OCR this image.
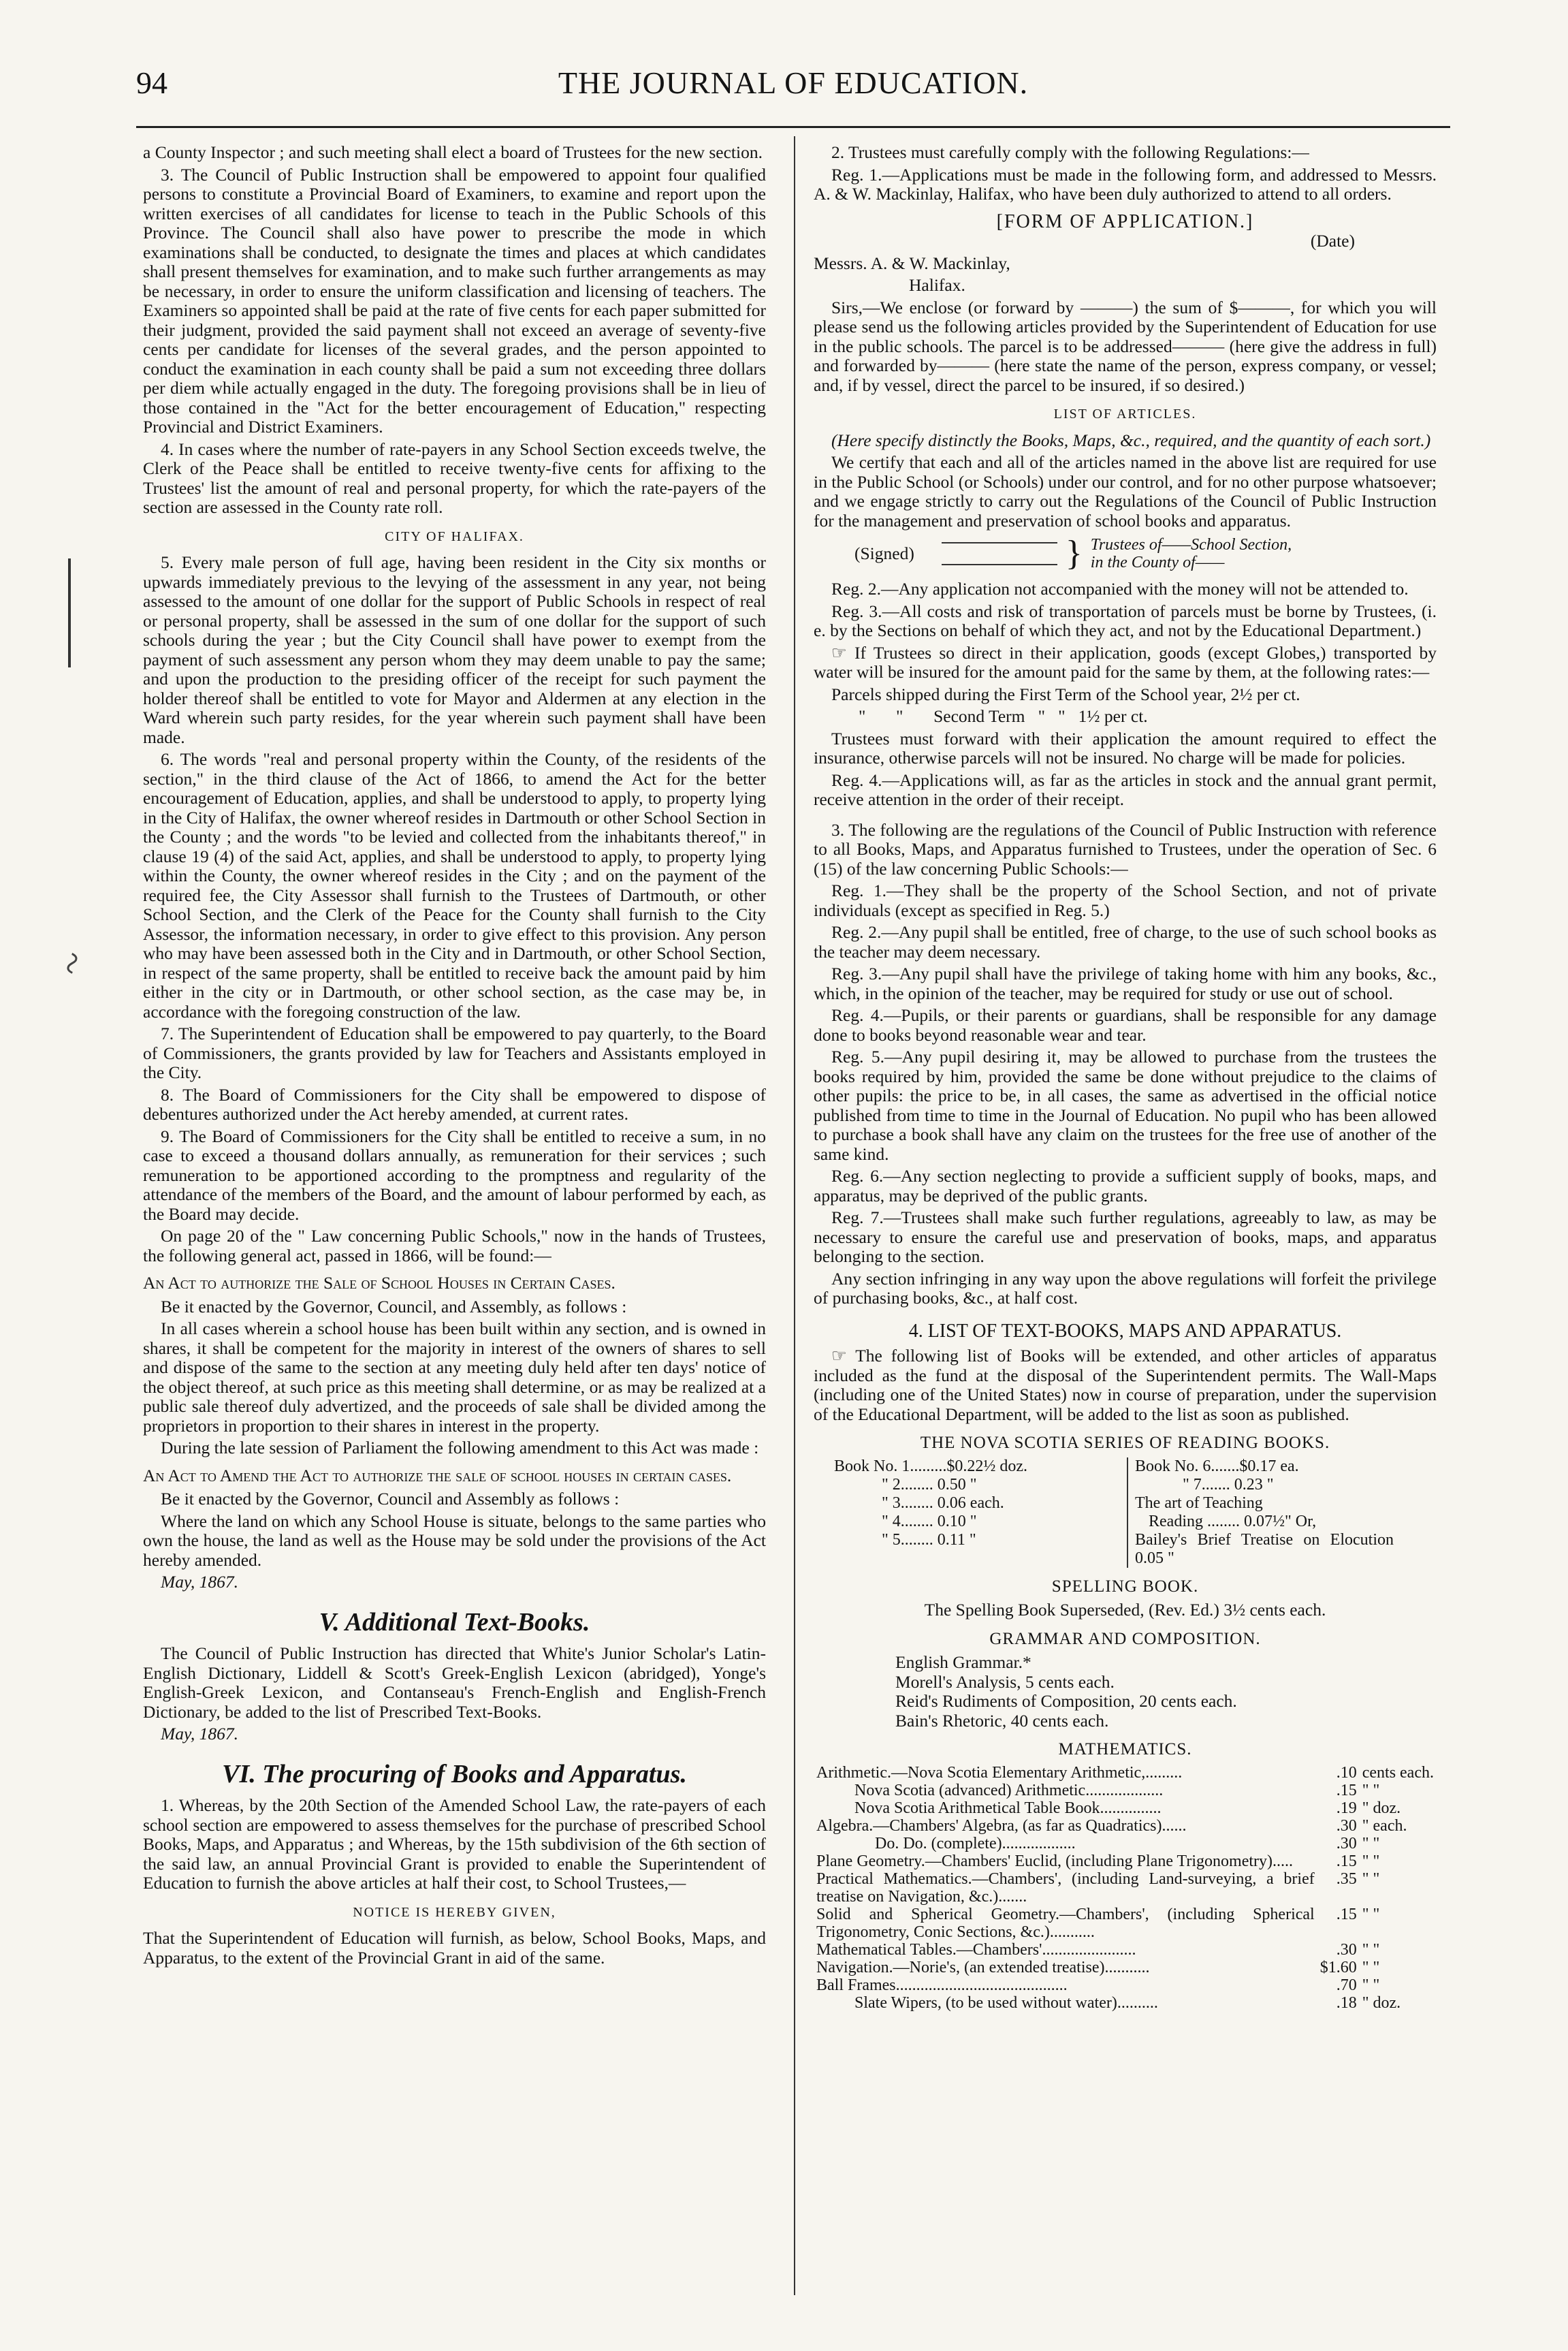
94	THE JOURNAL OF EDUCATION.
~

a County Inspector ; and such meeting shall elect a board of Trustees for the new section.

3. The Council of Public Instruction shall be empowered to appoint four qualified persons to constitute a Provincial Board of Examiners, to examine and report upon the written exercises of all candidates for license to teach in the Public Schools of this Province. The Council shall also have power to prescribe the mode in which examinations shall be conducted, to designate the times and places at which candidates shall present themselves for examination, and to make such further arrangements as may be necessary, in order to ensure the uniform classification and licensing of teachers. The Examiners so appointed shall be paid at the rate of five cents for each paper submitted for their judgment, provided the said payment shall not exceed an average of seventy-five cents per candidate for licenses of the several grades, and the person appointed to conduct the examination in each county shall be paid a sum not exceeding three dollars per diem while actually engaged in the duty. The foregoing provisions shall be in lieu of those contained in the "Act for the better encouragement of Education," respecting Provincial and District Examiners.

4. In cases where the number of rate-payers in any School Section exceeds twelve, the Clerk of the Peace shall be entitled to receive twenty-five cents for affixing to the Trustees' list the amount of real and personal property, for which the rate-payers of the section are assessed in the County rate roll.

CITY OF HALIFAX.

5. Every male person of full age, having been resident in the City six months or upwards immediately previous to the levying of the assessment in any year, not being assessed to the amount of one dollar for the support of Public Schools in respect of real or personal property, shall be assessed in the sum of one dollar for the support of such schools during the year ; but the City Council shall have power to exempt from the payment of such assessment any person whom they may deem unable to pay the same; and upon the production to the presiding officer of the receipt for such payment the holder thereof shall be entitled to vote for Mayor and Aldermen at any election in the Ward wherein such party resides, for the year wherein such payment shall have been made.

6. The words "real and personal property within the County, of the residents of the section," in the third clause of the Act of 1866, to amend the Act for the better encouragement of Education, applies, and shall be understood to apply, to property lying in the City of Halifax, the owner whereof resides in Dartmouth or other School Section in the County ; and the words "to be levied and collected from the inhabitants thereof," in clause 19 (4) of the said Act, applies, and shall be understood to apply, to property lying within the County, the owner whereof resides in the City ; and on the payment of the required fee, the City Assessor shall furnish to the Trustees of Dartmouth, or other School Section, and the Clerk of the Peace for the County shall furnish to the City Assessor, the information necessary, in order to give effect to this provision. Any person who may have been assessed both in the City and in Dartmouth, or other School Section, in respect of the same property, shall be entitled to receive back the amount paid by him either in the city or in Dartmouth, or other school section, as the case may be, in accordance with the foregoing construction of the law.

7. The Superintendent of Education shall be empowered to pay quarterly, to the Board of Commissioners, the grants provided by law for Teachers and Assistants employed in the City.

8. The Board of Commissioners for the City shall be empowered to dispose of debentures authorized under the Act hereby amended, at current rates.

9. The Board of Commissioners for the City shall be entitled to receive a sum, in no case to exceed a thousand dollars annually, as remuneration for their services ; such remuneration to be apportioned according to the promptness and regularity of the attendance of the members of the Board, and the amount of labour performed by each, as the Board may decide.

On page 20 of the " Law concerning Public Schools," now in the hands of Trustees, the following general act, passed in 1866, will be found:—

An Act to authorize the Sale of School Houses in Certain Cases.

Be it enacted by the Governor, Council, and Assembly, as follows :

In all cases wherein a school house has been built within any section, and is owned in shares, it shall be competent for the majority in interest of the owners of shares to sell and dispose of the same to the section at any meeting duly held after ten days' notice of the object thereof, at such price as this meeting shall determine, or as may be realized at a public sale thereof duly advertized, and the proceeds of sale shall be divided among the proprietors in proportion to their shares in interest in the property.

During the late session of Parliament the following amendment to this Act was made :

An Act to Amend the Act to authorize the sale of school houses in certain cases.

Be it enacted by the Governor, Council and Assembly as follows :

Where the land on which any School House is situate, belongs to the same parties who own the house, the land as well as the House may be sold under the provisions of the Act hereby amended.

May, 1867.

V. Additional Text-Books.

The Council of Public Instruction has directed that White's Junior Scholar's Latin-English Dictionary, Liddell & Scott's Greek-English Lexicon (abridged), Yonge's English-Greek Lexicon, and Contanseau's French-English and English-French Dictionary, be added to the list of Prescribed Text-Books.

May, 1867.

VI. The procuring of Books and Apparatus.

1. Whereas, by the 20th Section of the Amended School Law, the rate-payers of each school section are empowered to assess themselves for the purchase of prescribed School Books, Maps, and Apparatus ; and Whereas, by the 15th subdivision of the 6th section of the said law, an annual Provincial Grant is provided to enable the Superintendent of Education to furnish the above articles at half their cost, to School Trustees,—

NOTICE IS HEREBY GIVEN,

That the Superintendent of Education will furnish, as below, School Books, Maps, and Apparatus, to the extent of the Provincial Grant in aid of the same.

2. Trustees must carefully comply with the following Regulations:—

Reg. 1.—Applications must be made in the following form, and addressed to Messrs. A. & W. Mackinlay, Halifax, who have been duly authorized to attend to all orders.

[FORM OF APPLICATION.]

(Date)

Messrs. A. & W. Mackinlay,

Halifax.

Sirs,—We enclose (or forward by ———) the sum of $———, for which you will please send us the following articles provided by the Superintendent of Education for use in the public schools. The parcel is to be addressed——— (here give the address in full) and forwarded by——— (here state the name of the person, express company, or vessel; and, if by vessel, direct the parcel to be insured, if so desired.)

LIST OF ARTICLES.

(Here specify distinctly the Books, Maps, &c., required, and the quantity of each sort.)

We certify that each and all of the articles named in the above list are required for use in the Public School (or Schools) under our control, and for no other purpose whatsoever; and we engage strictly to carry out the Regulations of the Council of Public Instruction for the management and preservation of school books and apparatus.

(Signed)	} Trustees of——School Section,
in the County of——

Reg. 2.—Any application not accompanied with the money will not be attended to.

Reg. 3.—All costs and risk of transportation of parcels must be borne by Trustees, (i. e. by the Sections on behalf of which they act, and not by the Educational Department.)

☞ If Trustees so direct in their application, goods (except Globes,) transported by water will be insured for the amount paid for the same by them, at the following rates:—

Parcels shipped during the First Term of the School year, 2½ per ct.

"       "       Second Term   "   "   1½ per ct.

Trustees must forward with their application the amount required to effect the insurance, otherwise parcels will not be insured. No charge will be made for policies.

Reg. 4.—Applications will, as far as the articles in stock and the annual grant permit, receive attention in the order of their receipt.

3. The following are the regulations of the Council of Public Instruction with reference to all Books, Maps, and Apparatus furnished to Trustees, under the operation of Sec. 6 (15) of the law concerning Public Schools:—

Reg. 1.—They shall be the property of the School Section, and not of private individuals (except as specified in Reg. 5.)

Reg. 2.—Any pupil shall be entitled, free of charge, to the use of such school books as the teacher may deem necessary.

Reg. 3.—Any pupil shall have the privilege of taking home with him any books, &c., which, in the opinion of the teacher, may be required for study or use out of school.

Reg. 4.—Pupils, or their parents or guardians, shall be responsible for any damage done to books beyond reasonable wear and tear.

Reg. 5.—Any pupil desiring it, may be allowed to purchase from the trustees the books required by him, provided the same be done without prejudice to the claims of other pupils: the price to be, in all cases, the same as advertised in the official notice published from time to time in the Journal of Education. No pupil who has been allowed to purchase a book shall have any claim on the trustees for the free use of another of the same kind.

Reg. 6.—Any section neglecting to provide a sufficient supply of books, maps, and apparatus, may be deprived of the public grants.

Reg. 7.—Trustees shall make such further regulations, agreeably to law, as may be necessary to ensure the careful use and preservation of books, maps, and apparatus belonging to the section.

Any section infringing in any way upon the above regulations will forfeit the privilege of purchasing books, &c., at half cost.

4. LIST OF TEXT-BOOKS, MAPS AND APPARATUS.

☞ The following list of Books will be extended, and other articles of apparatus included as the fund at the disposal of the Superintendent permits. The Wall-Maps (including one of the United States) now in course of preparation, under the supervision of the Educational Department, will be added to the list as soon as published.

THE NOVA SCOTIA SERIES OF READING BOOKS.
Book No. 1.........$0.22½ doz.
" 2........ 0.50 "
" 3........ 0.06 each.
" 4........ 0.10 "
" 5........ 0.11 "
Book No. 6.......$0.17 ea.
" 7....... 0.23 "
The art of Teaching
Reading ........ 0.07½" Or,
Bailey's Brief Treatise on Elocution 0.05 "
SPELLING BOOK.

The Spelling Book Superseded, (Rev. Ed.) 3½ cents each.

GRAMMAR AND COMPOSITION.
English Grammar.*
Morell's Analysis, 5 cents each.
Reid's Rudiments of Composition, 20 cents each.
Bain's Rhetoric, 40 cents each.
MATHEMATICS.
Arithmetic.—Nova Scotia Elementary Arithmetic,.........	.10	cents each.
Nova Scotia (advanced) Arithmetic...................	.15	" "
Nova Scotia Arithmetical Table Book...............	.19	" doz.
Algebra.—Chambers' Algebra, (as far as Quadratics)......	.30	" each.
Do. Do. (complete)..................	.30	" "
Plane Geometry.—Chambers' Euclid, (including Plane Trigonometry).....	.15	" "
Practical Mathematics.—Chambers', (including Land-surveying, a brief treatise on Navigation, &c.).......	.35	" "
Solid and Spherical Geometry.—Chambers', (including Spherical Trigonometry, Conic Sections, &c.)...........	.15	" "
Mathematical Tables.—Chambers'.......................	.30	" "
Navigation.—Norie's, (an extended treatise)...........	$1.60	" "
Ball Frames..........................................	.70	" "
Slate Wipers, (to be used without water)..........	.18	" doz.
